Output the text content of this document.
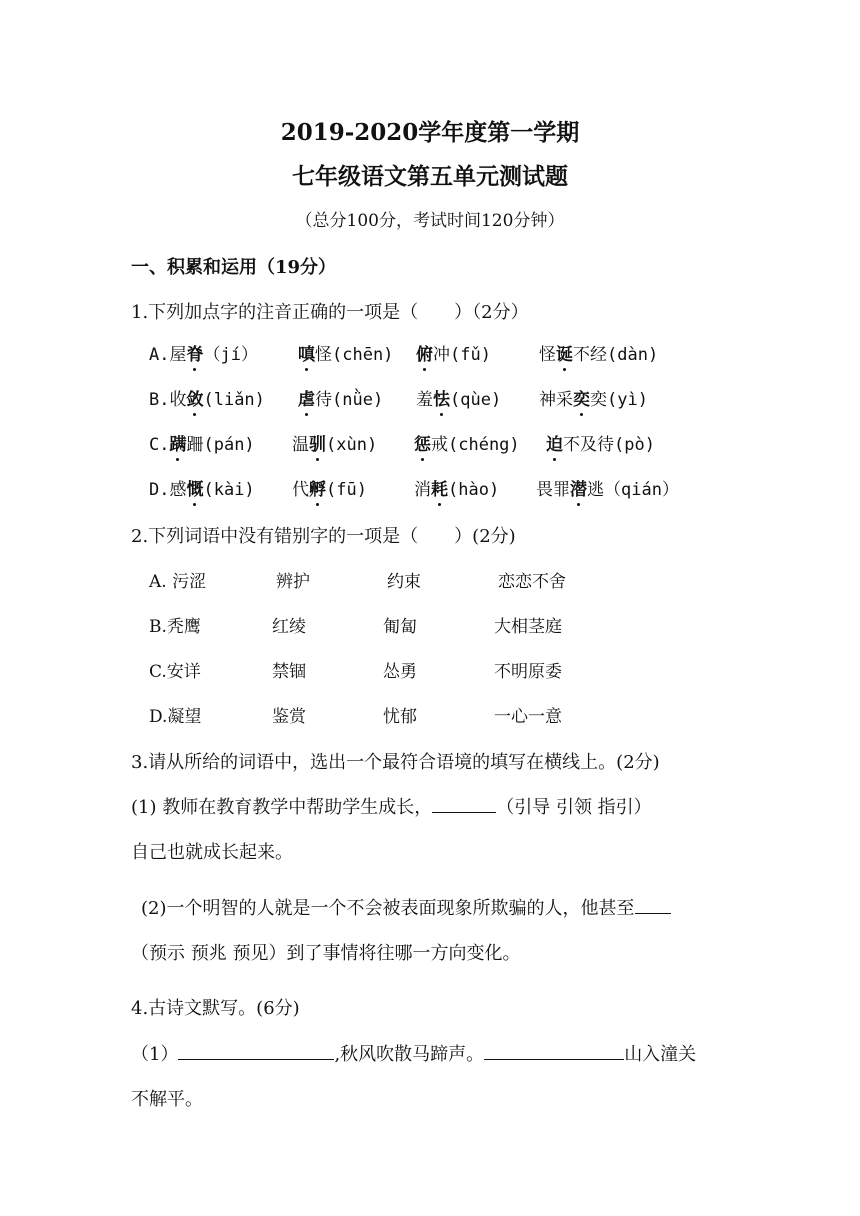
2019-2020学年度第一学期
七年级语文第五单元测试题
（总分100分，考试时间120分钟）
一、积累和运用（19分）
1.下列加点字的注音正确的一项是（　　）（2分）
A.屋脊（jí） 嗔怪(chēn) 俯冲(fǔ)	怪诞不经(dàn)
B.收敛(liǎn) 虐待(nǜe) 羞怯(qùe) 神采奕奕(yì)
C.蹒跚(pán) 温驯(xùn) 惩戒(chéng) 迫不及待(pò)
D.感慨(kài) 代孵(fū)	消耗(hào) 畏罪潜逃（qián）
2.下列词语中没有错别字的一项是（　　）(2分)
A. 污涩	辨护	约束	恋恋不舍
B.秃鹰	红绫	匍匐	大相茎庭
C.安详	禁锢	怂勇	不明原委
D.凝望	鉴赏	忧郁	一心一意
3.请从所给的词语中，选出一个最符合语境的填写在横线上。(2分)
(1) 教师在教育教学中帮助学生成长，	（引导 引领 指引）
自己也就成长起来。
(2)一个明智的人就是一个不会被表面现象所欺骗的人，他甚至
（预示 预兆 预见）到了事情将往哪一方向变化。
4.古诗文默写。(6分)
（1）	,秋风吹散马蹄声。	山入潼关
不解平。
